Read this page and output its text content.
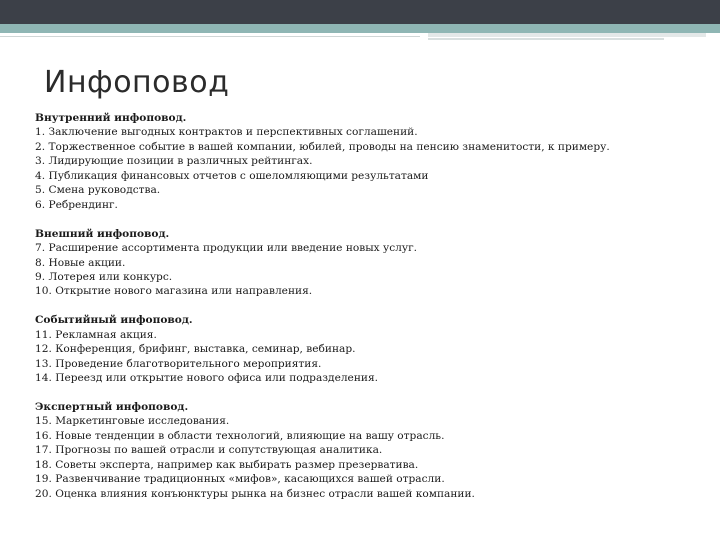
Инфоповод
Внутренний инфоповод.
1. Заключение выгодных контрактов и перспективных соглашений.
2. Торжественное событие в вашей компании, юбилей, проводы на пенсию знаменитости, к примеру.
3. Лидирующие позиции в различных рейтингах.
4. Публикация финансовых отчетов с ошеломляющими результатами
5. Смена руководства.
6. Ребрендинг.
Внешний инфоповод.
7. Расширение ассортимента продукции или введение новых услуг.
8. Новые акции.
9. Лотерея или конкурс.
10. Открытие нового магазина или направления.
Событийный инфоповод.
11. Рекламная акция.
12. Конференция, брифинг, выставка, семинар, вебинар.
13. Проведение благотворительного мероприятия.
14. Переезд или открытие нового офиса или подразделения.
Экспертный инфоповод.
15. Маркетинговые исследования.
16. Новые тенденции в области технологий, влияющие на вашу отрасль.
17. Прогнозы по вашей отрасли и сопутствующая аналитика.
18. Советы эксперта, например как выбирать размер презерватива.
19. Развенчивание традиционных «мифов», касающихся вашей отрасли.
20. Оценка влияния конъюнктуры рынка на бизнес отрасли вашей компании.
